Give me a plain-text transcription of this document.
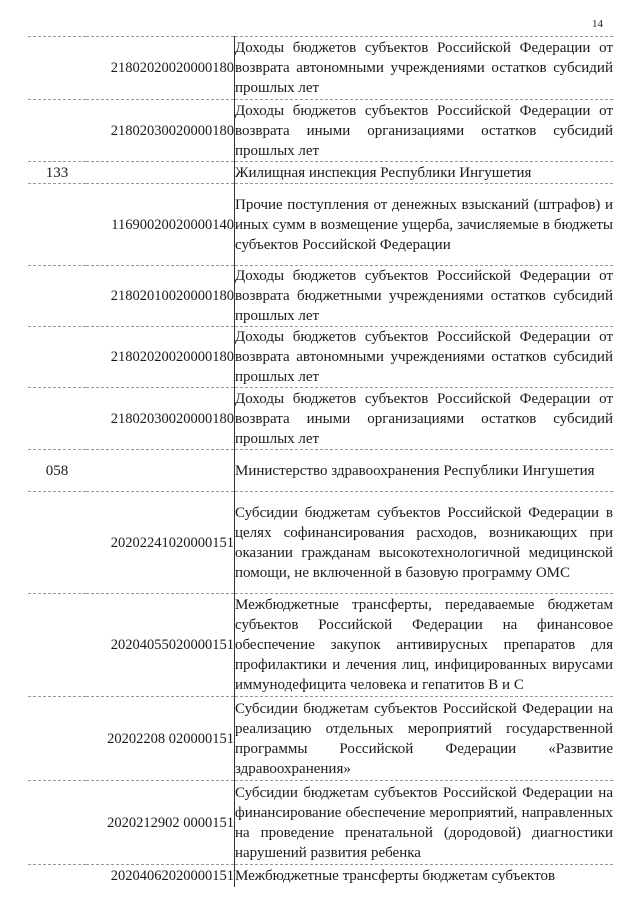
14
	21802020020000180	Доходы бюджетов субъектов Российской Федерации от возврата автономными учреждениями остатков субсидий прошлых лет
	21802030020000180	Доходы бюджетов субъектов Российской Федерации от возврата иными организациями остатков субсидий прошлых лет
133		Жилищная инспекция Республики Ингушетия
	11690020020000140	Прочие поступления от денежных взысканий (штрафов) и иных сумм в возмещение ущерба, зачисляемые в бюджеты субъектов Российской Федерации
	21802010020000180	Доходы бюджетов субъектов Российской Федерации от возврата бюджетными учреждениями остатков субсидий прошлых лет
	21802020020000180	Доходы бюджетов субъектов Российской Федерации от возврата автономными учреждениями остатков субсидий прошлых лет
	21802030020000180	Доходы бюджетов субъектов Российской Федерации от возврата иными организациями остатков субсидий прошлых лет
058		Министерство здравоохранения Республики Ингушетия
	20202241020000151	Субсидии бюджетам субъектов Российской Федерации в целях софинансирования расходов, возникающих при оказании гражданам высокотехнологичной медицинской помощи, не включенной в базовую программу ОМС
	20204055020000151	Межбюджетные трансферты, передаваемые бюджетам субъектов Российской Федерации на финансовое обеспечение закупок антивирусных препаратов для профилактики и лечения лиц, инфицированных вирусами иммунодефицита человека и гепатитов В и С
	20202208 020000151	Субсидии бюджетам субъектов Российской Федерации на реализацию отдельных мероприятий государственной программы Российской Федерации «Развитие здравоохранения»
	2020212902 0000151	Субсидии бюджетам субъектов Российской Федерации на финансирование обеспечение мероприятий, направленных на проведение пренатальной (дородовой) диагностики нарушений развития ребенка
	20204062020000151	Межбюджетные трансферты бюджетам субъектов
